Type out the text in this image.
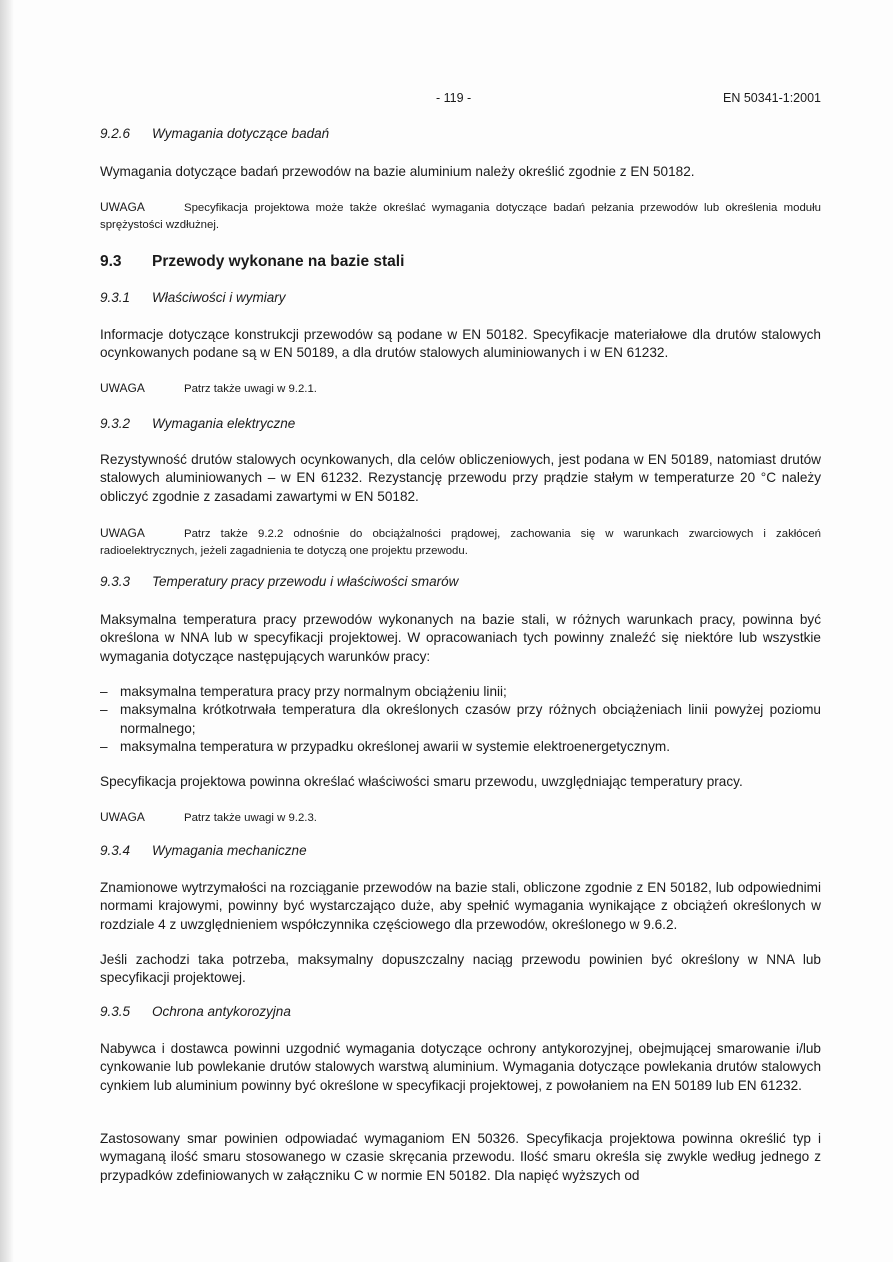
- 119 -	EN 50341-1:2001
9.2.6 Wymagania dotyczące badań

Wymagania dotyczące badań przewodów na bazie aluminium należy określić zgodnie z EN 50182.

UWAGA	Specyfikacja projektowa może także określać wymagania dotyczące badań pełzania przewodów lub określenia modułu sprężystości wzdłużnej.
9.3 Przewody wykonane na bazie stali
9.3.1 Właściwości i wymiary

Informacje dotyczące konstrukcji przewodów są podane w EN 50182. Specyfikacje materiałowe dla drutów stalowych ocynkowanych podane są w EN 50189, a dla drutów stalowych aluminiowanych i w EN 61232.

UWAGA	Patrz także uwagi w 9.2.1.
9.3.2 Wymagania elektryczne

Rezystywność drutów stalowych ocynkowanych, dla celów obliczeniowych, jest podana w EN 50189, natomiast drutów stalowych aluminiowanych – w EN 61232. Rezystancję przewodu przy prądzie stałym w temperaturze 20 °C należy obliczyć zgodnie z zasadami zawartymi w EN 50182.

UWAGA	Patrz także 9.2.2 odnośnie do obciążalności prądowej, zachowania się w warunkach zwarciowych i zakłóceń radioelektrycznych, jeżeli zagadnienia te dotyczą one projektu przewodu.
9.3.3 Temperatury pracy przewodu i właściwości smarów

Maksymalna temperatura pracy przewodów wykonanych na bazie stali, w różnych warunkach pracy, powinna być określona w NNA lub w specyfikacji projektowej. W opracowaniach tych powinny znaleźć się niektóre lub wszystkie wymagania dotyczące następujących warunków pracy:

– maksymalna temperatura pracy przy normalnym obciążeniu linii;
– maksymalna krótkotrwała temperatura dla określonych czasów przy różnych obciążeniach linii powyżej poziomu normalnego;
– maksymalna temperatura w przypadku określonej awarii w systemie elektroenergetycznym.

Specyfikacja projektowa powinna określać właściwości smaru przewodu, uwzględniając temperatury pracy.

UWAGA	Patrz także uwagi w 9.2.3.
9.3.4 Wymagania mechaniczne

Znamionowe wytrzymałości na rozciąganie przewodów na bazie stali, obliczone zgodnie z EN 50182, lub odpowiednimi normami krajowymi, powinny być wystarczająco duże, aby spełnić wymagania wynikające z obciążeń określonych w rozdziale 4 z uwzględnieniem współczynnika częściowego dla przewodów, określonego w 9.6.2.

Jeśli zachodzi taka potrzeba, maksymalny dopuszczalny naciąg przewodu powinien być określony w NNA lub specyfikacji projektowej.

9.3.5 Ochrona antykorozyjna

Nabywca i dostawca powinni uzgodnić wymagania dotyczące ochrony antykorozyjnej, obejmującej smarowanie i/lub cynkowanie lub powlekanie drutów stalowych warstwą aluminium. Wymagania dotyczące powlekania drutów stalowych cynkiem lub aluminium powinny być określone w specyfikacji projektowej, z powołaniem na EN 50189 lub EN 61232.

Zastosowany smar powinien odpowiadać wymaganiom EN 50326. Specyfikacja projektowa powinna określić typ i wymaganą ilość smaru stosowanego w czasie skręcania przewodu. Ilość smaru określa się zwykle według jednego z przypadków zdefiniowanych w załączniku C w normie EN 50182. Dla napięć wyższych od
